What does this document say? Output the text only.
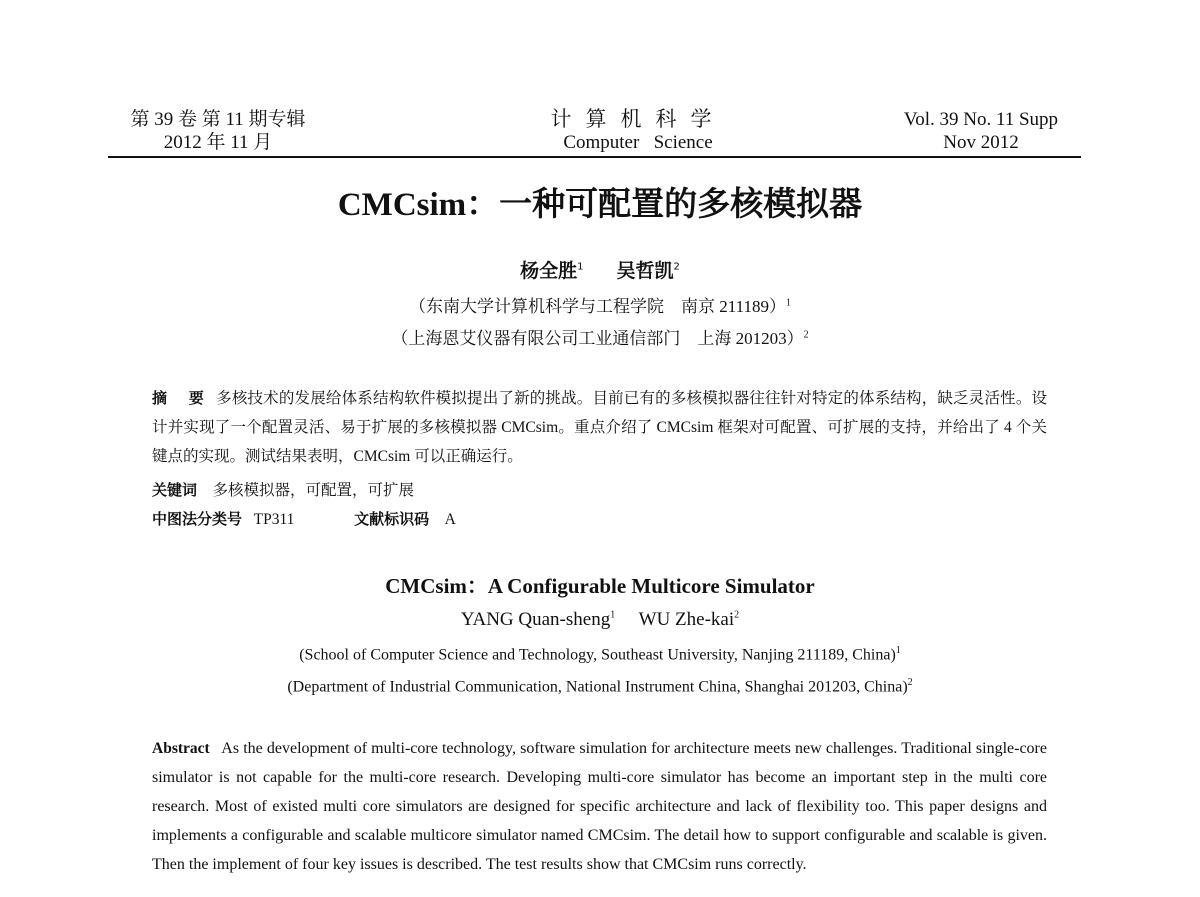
第 39 卷 第 11 期专辑
2012 年 11 月
计算机科学
Computer   Science
Vol. 39 No. 11 Supp
Nov 2012
CMCsim：一种可配置的多核模拟器
杨全胜$^1$ 吴哲凯$^2$
（东南大学计算机科学与工程学院    南京 211189）$^1$
（上海恩艾仪器有限公司工业通信部门    上海 201203）$^2$
摘    要 多核技术的发展给体系结构软件模拟提出了新的挑战。目前已有的多核模拟器往往针对特定的体系结构，缺乏灵活性。设计并实现了一个配置灵活、易于扩展的多核模拟器 CMCsim。重点介绍了 CMCsim 框架对可配置、可扩展的支持，并给出了 4 个关键点的实现。测试结果表明，CMCsim 可以正确运行。
关键词 多核模拟器，可配置，可扩展
中图法分类号 TP311	文献标识码 A
CMCsim：A Configurable Multicore Simulator
YANG Quan-sheng$^1$ WU Zhe-kai$^2$
(School of Computer Science and Technology, Southeast University, Nanjing 211189, China)$^1$
(Department of Industrial Communication, National Instrument China, Shanghai 201203, China)$^2$
Abstract As the development of multi-core technology, software simulation for architecture meets new challenges. Traditional single-core simulator is not capable for the multi-core research. Developing multi-core simulator has become an important step in the multi core research. Most of existed multi core simulators are designed for specific architecture and lack of flexibility too. This paper designs and implements a configurable and scalable multicore simulator named CMCsim. The detail how to support configurable and scalable is given. Then the implement of four key issues is described. The test results show that CMCsim runs correctly.
